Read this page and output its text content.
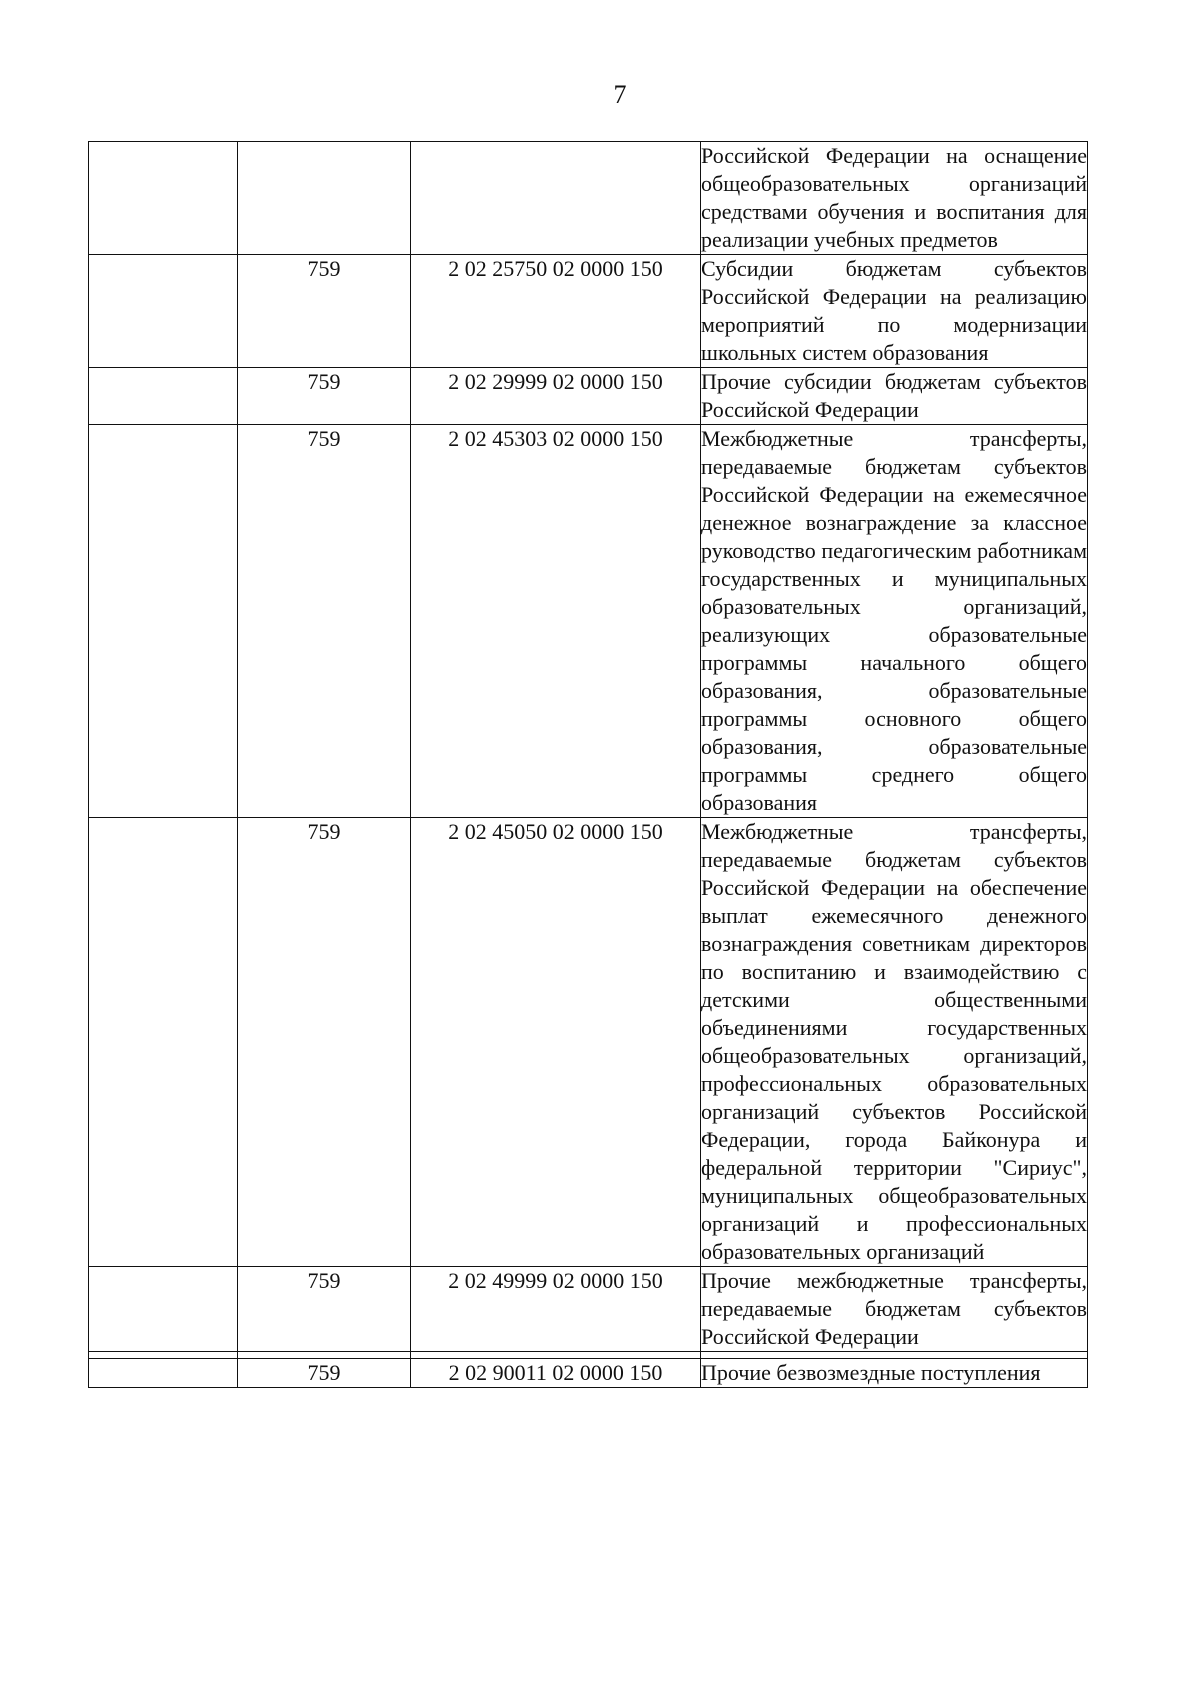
7
			Российской Федерации на оснащение общеобразовательных организаций средствами обучения и воспитания для реализации учебных предметов
	759	2 02 25750 02 0000 150	Субсидии бюджетам субъектов Российской Федерации на реализацию мероприятий по модернизации школьных систем образования
	759	2 02 29999 02 0000 150	Прочие субсидии бюджетам субъектов Российской Федерации
	759	2 02 45303 02 0000 150	Межбюджетные трансферты, передаваемые бюджетам субъектов Российской Федерации на ежемесячное денежное вознаграждение за классное руководство педагогическим работникам государственных и муниципальных образовательных организаций, реализующих образовательные программы начального общего образования, образовательные программы основного общего образования, образовательные программы среднего общего образования
	759	2 02 45050 02 0000 150	Межбюджетные трансферты, передаваемые бюджетам субъектов Российской Федерации на обеспечение выплат ежемесячного денежного вознаграждения советникам директоров по воспитанию и взаимодействию с детскими общественными объединениями государственных общеобразовательных организаций, профессиональных образовательных организаций субъектов Российской Федерации, города Байконура и федеральной территории "Сириус", муниципальных общеобразовательных организаций и профессиональных образовательных организаций
	759	2 02 49999 02 0000 150	Прочие межбюджетные трансферты, передаваемые бюджетам субъектов Российской Федерации

	759	2 02 90011 02 0000 150	Прочие безвозмездные поступления
